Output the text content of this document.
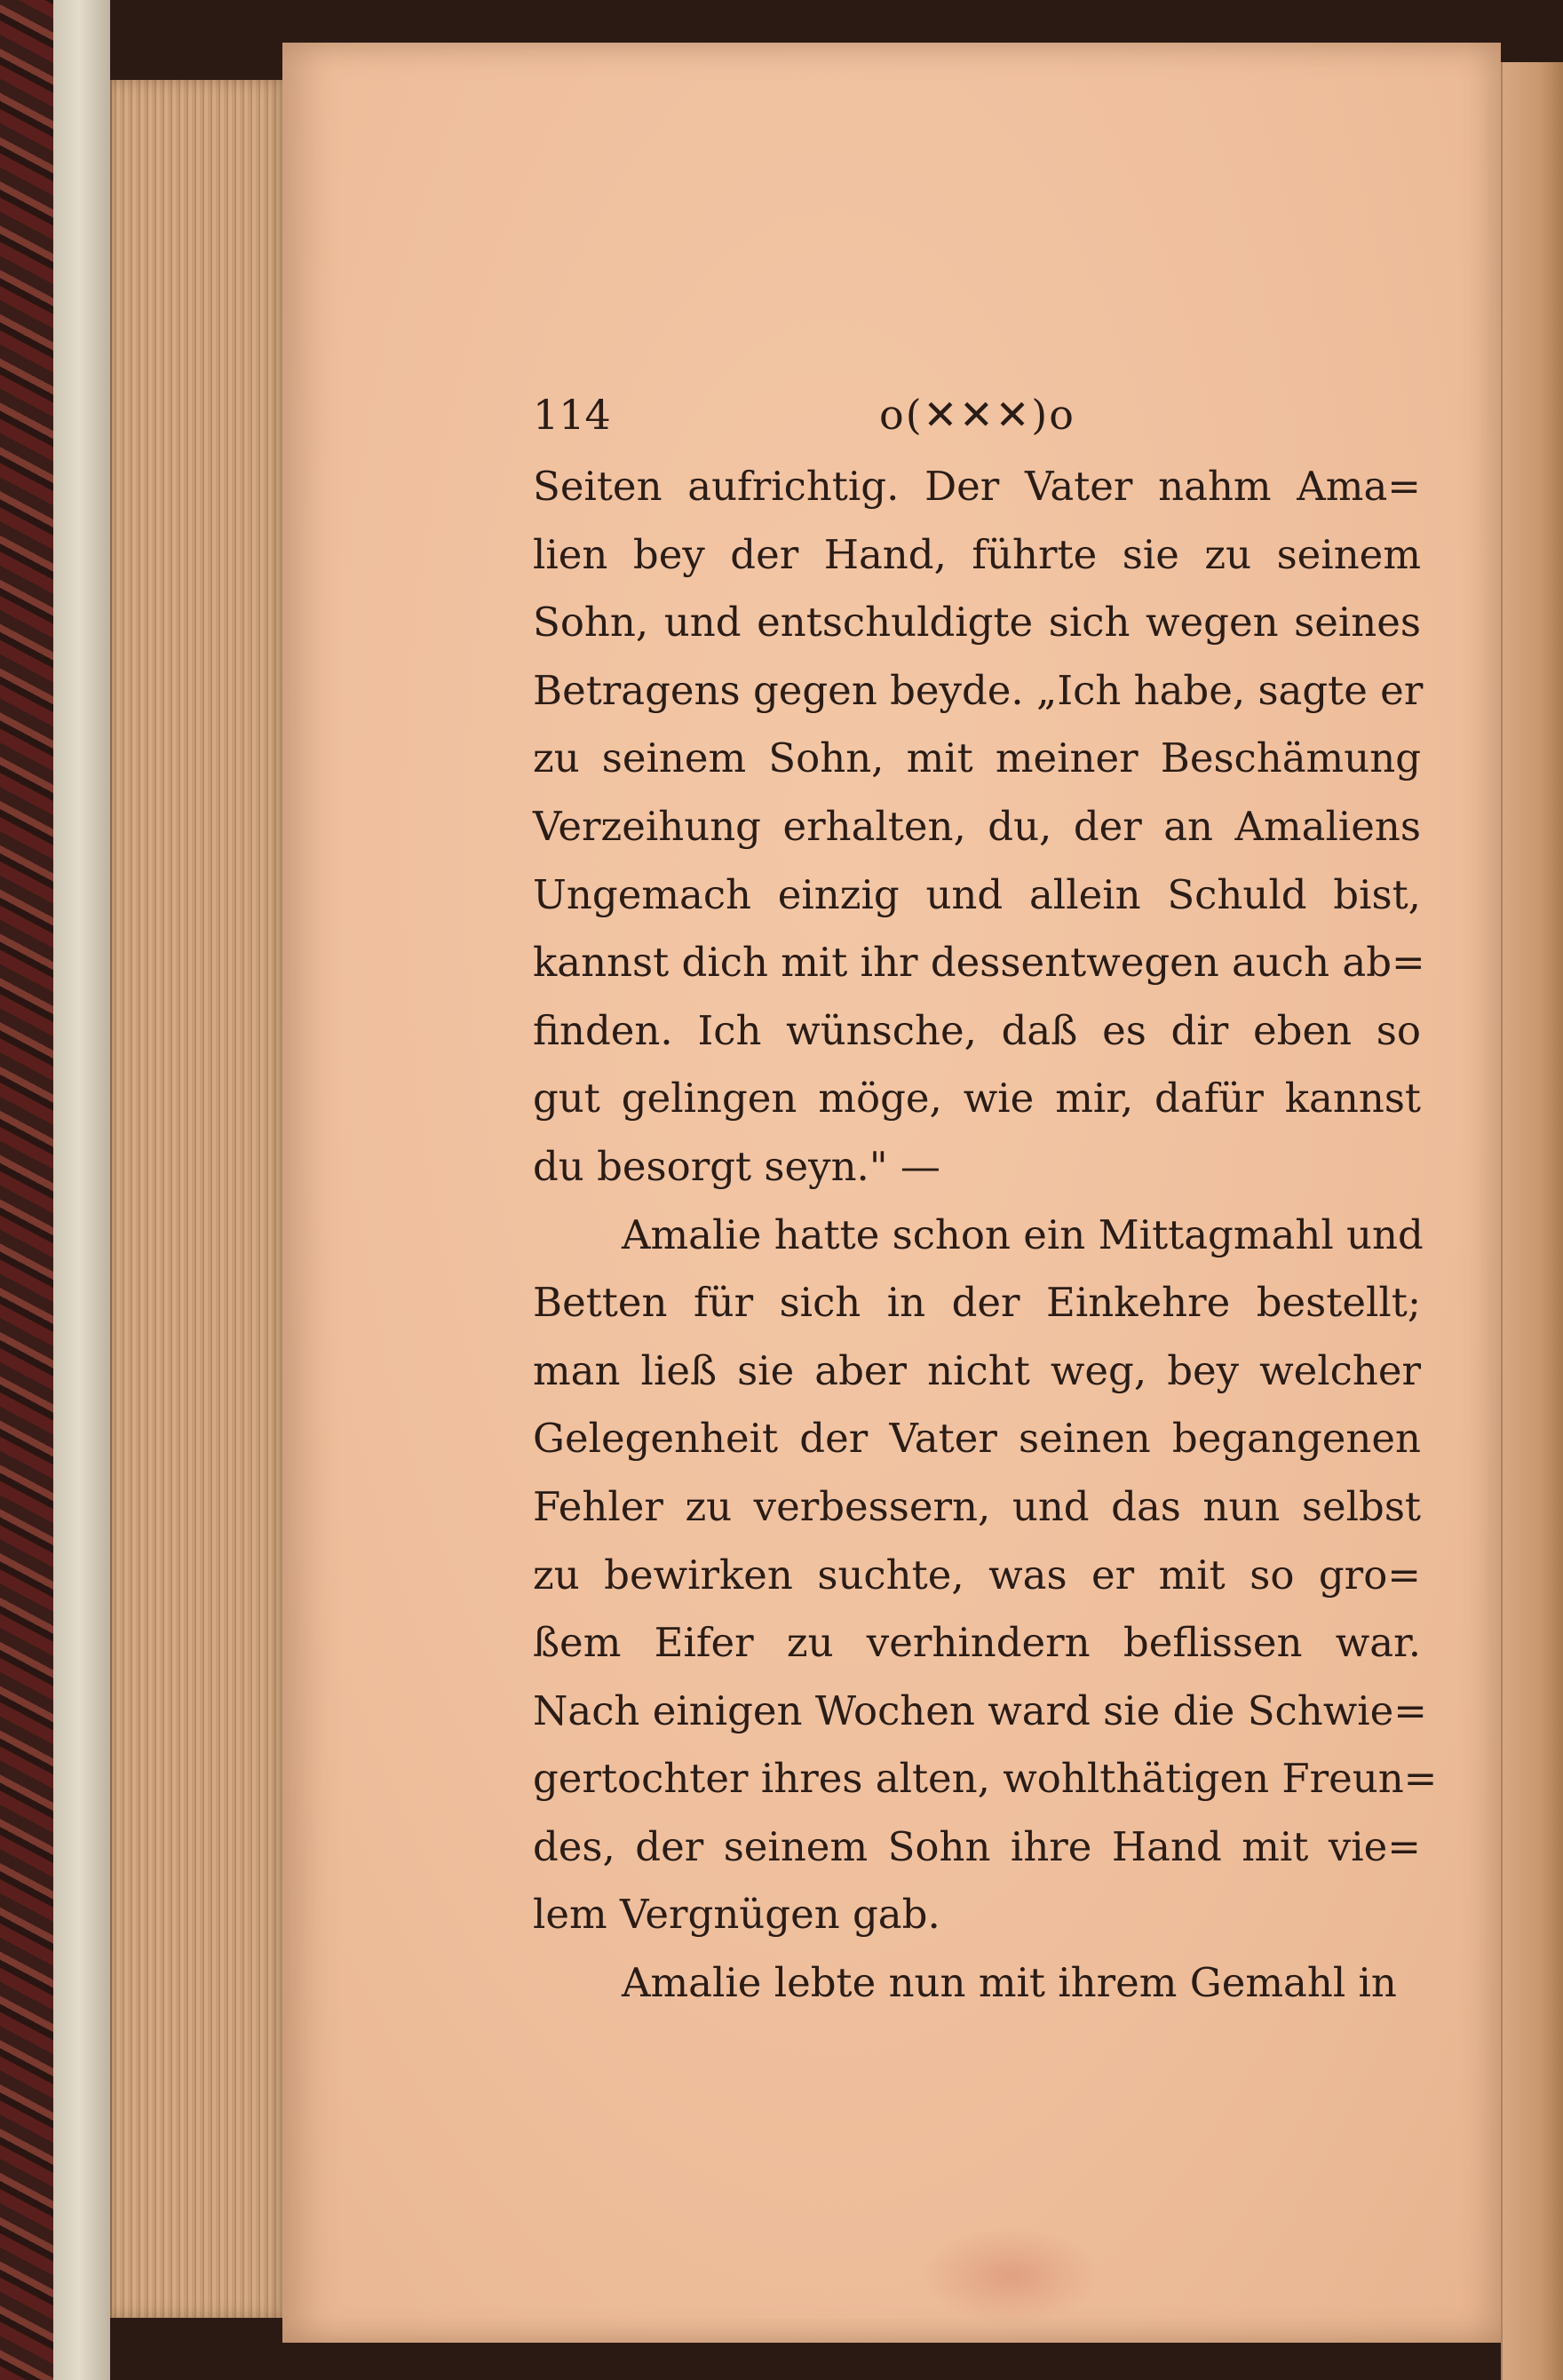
114	o(✕✕✕)o
Seiten aufrichtig. Der Vater nahm Ama=
lien bey der Hand, führte sie zu seinem
Sohn, und entschuldigte sich wegen seines
Betragens gegen beyde. „Ich habe, sagte er
zu seinem Sohn, mit meiner Beschämung
Verzeihung erhalten, du, der an Amaliens
Ungemach einzig und allein Schuld bist,
kannst dich mit ihr dessentwegen auch ab=
finden. Ich wünsche, daß es dir eben so
gut gelingen möge, wie mir, dafür kannst
du besorgt seyn." —
Amalie hatte schon ein Mittagmahl und
Betten für sich in der Einkehre bestellt;
man ließ sie aber nicht weg, bey welcher
Gelegenheit der Vater seinen begangenen
Fehler zu verbessern, und das nun selbst
zu bewirken suchte, was er mit so gro=
ßem Eifer zu verhindern beflissen war.
Nach einigen Wochen ward sie die Schwie=
gertochter ihres alten, wohlthätigen Freun=
des, der seinem Sohn ihre Hand mit vie=
lem Vergnügen gab.
Amalie lebte nun mit ihrem Gemahl in
